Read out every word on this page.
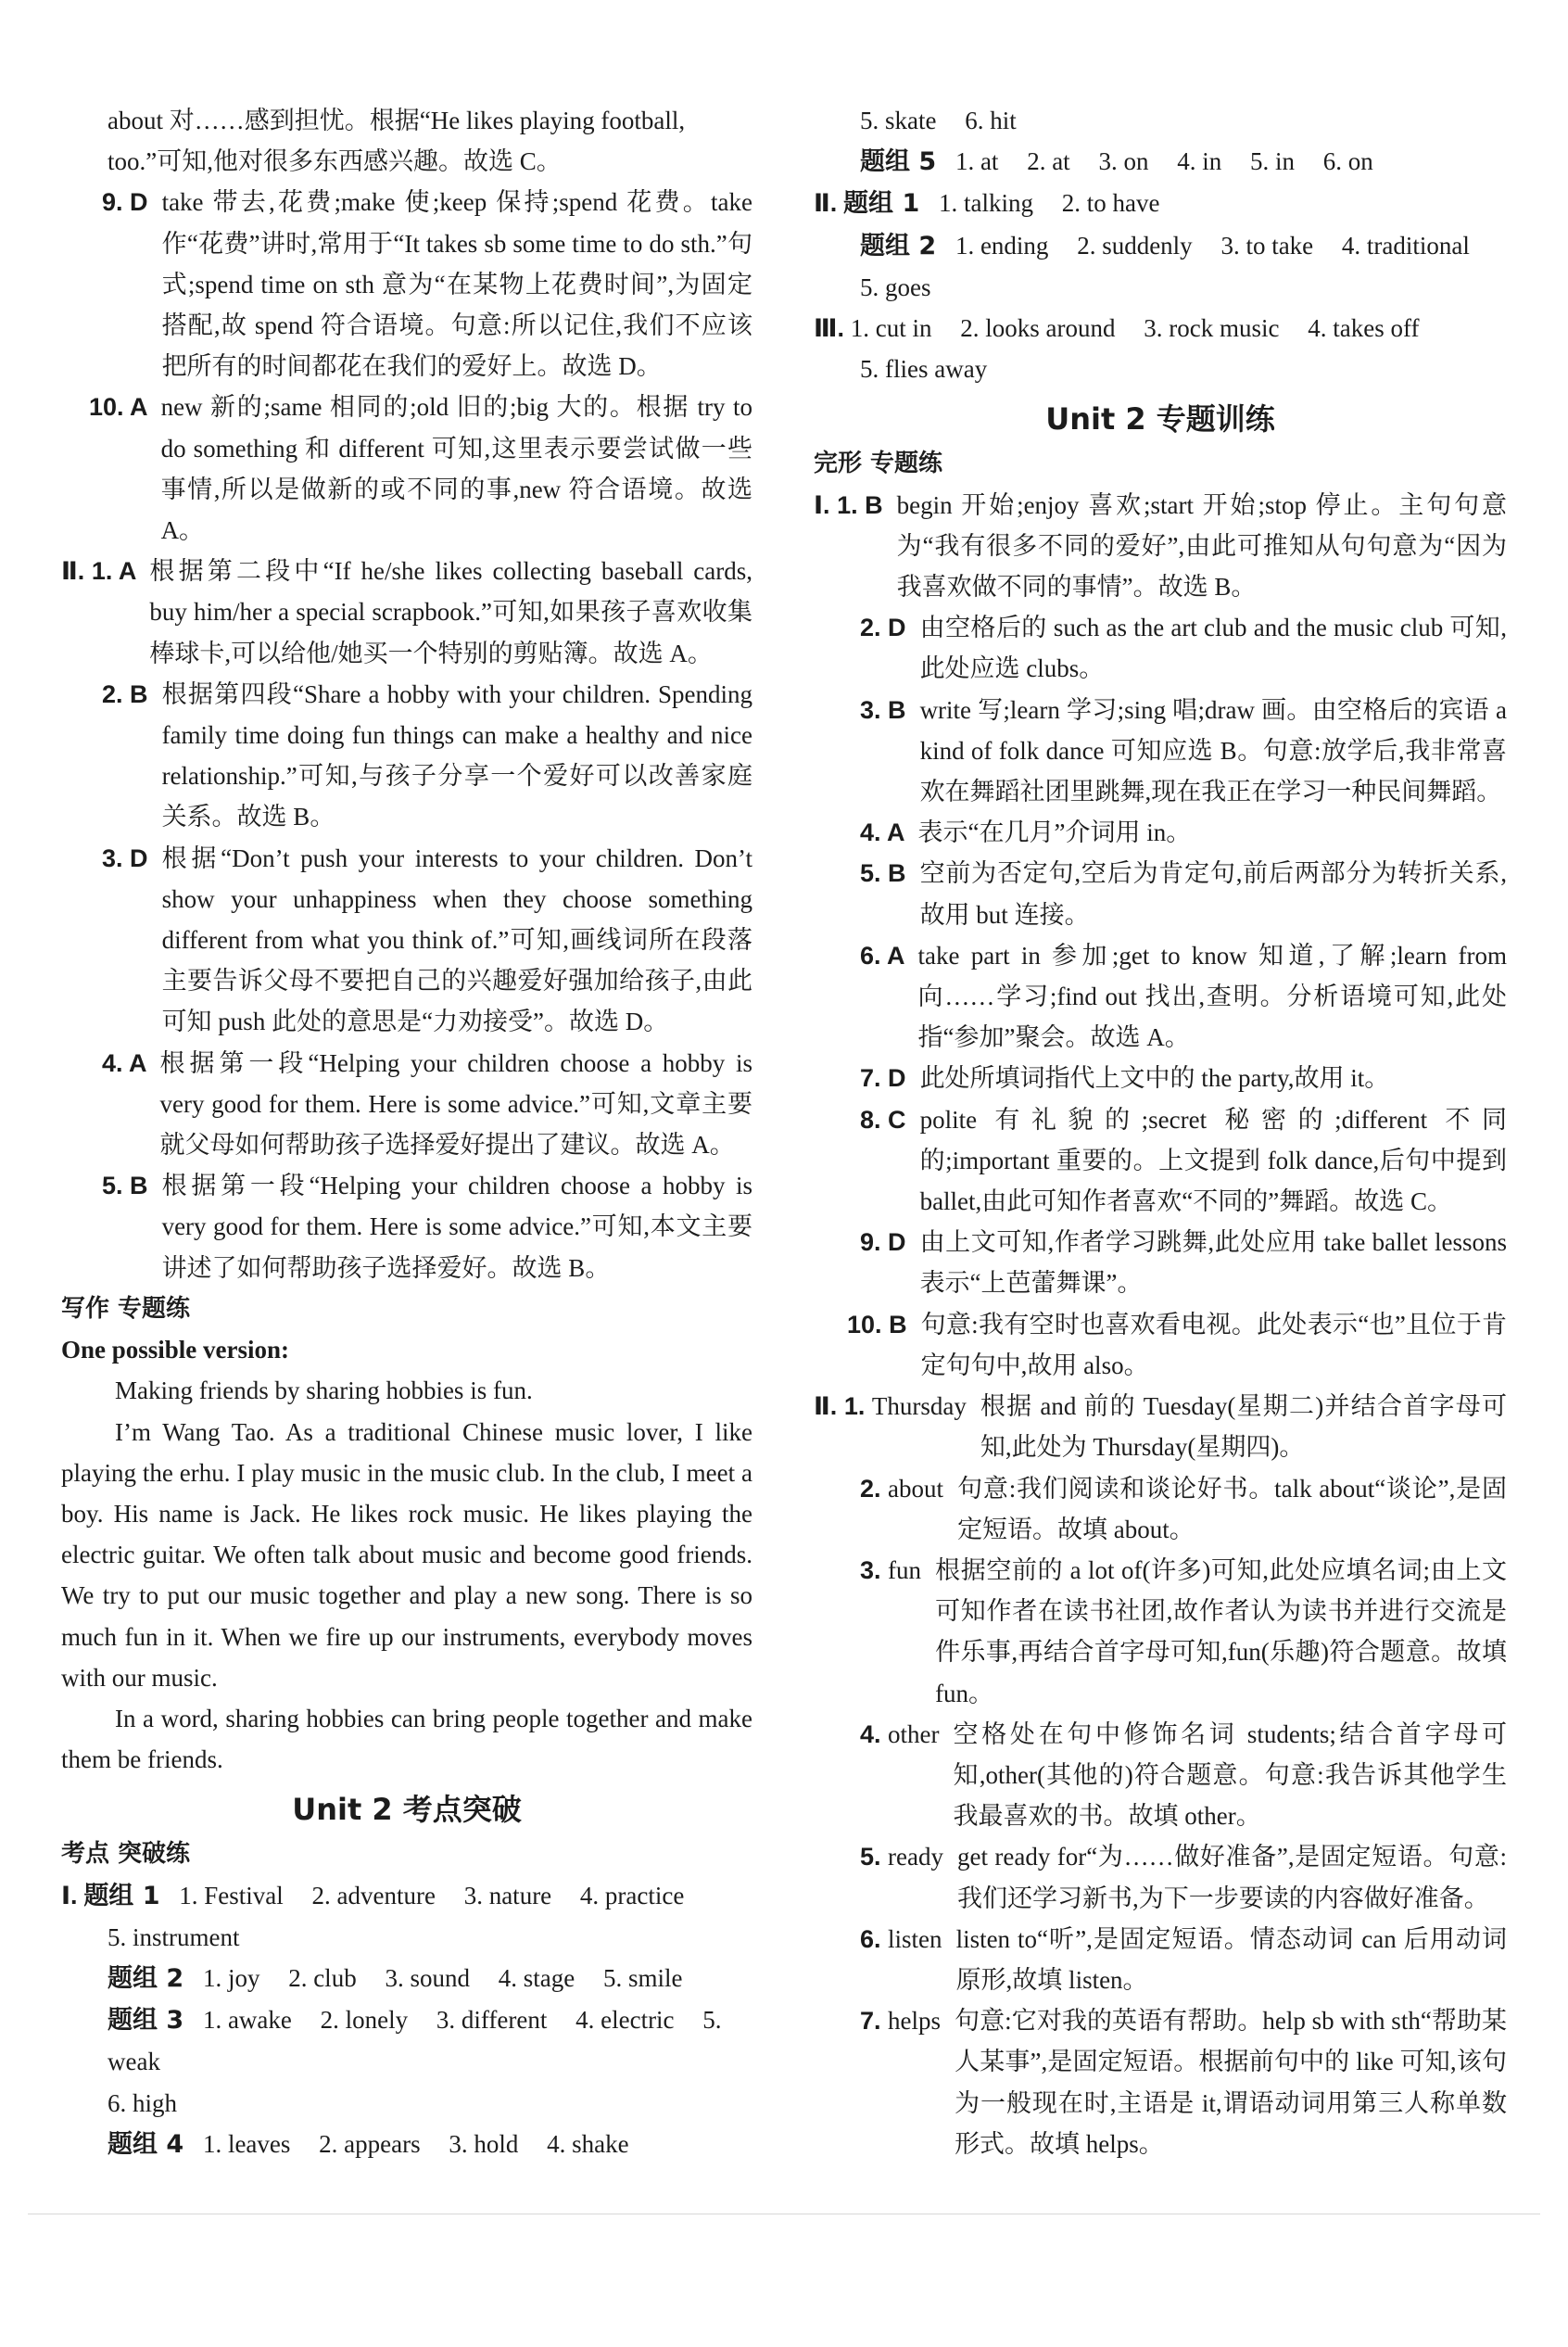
about 对……感到担忧。根据“He likes playing football,
too.”可知,他对很多东西感兴趣。故选 C。
9. D take 带去,花费;make 使;keep 保持;spend 花费。take 作“花费”讲时,常用于“It takes sb some time to do sth.”句式;spend time on sth 意为“在某物上花费时间”,为固定搭配,故 spend 符合语境。句意:所以记住,我们不应该把所有的时间都花在我们的爱好上。故选 D。
10. A new 新的;same 相同的;old 旧的;big 大的。根据 try to do something 和 different 可知,这里表示要尝试做一些事情,所以是做新的或不同的事,new 符合语境。故选 A。
Ⅱ. 1. A 根据第二段中“If he/she likes collecting baseball cards, buy him/her a special scrapbook.”可知,如果孩子喜欢收集棒球卡,可以给他/她买一个特别的剪贴簿。故选 A。
2. B 根据第四段“Share a hobby with your children. Spending family time doing fun things can make a healthy and nice relationship.”可知,与孩子分享一个爱好可以改善家庭关系。故选 B。
3. D 根据“Don’t push your interests to your children. Don’t show your unhappiness when they choose something different from what you think of.”可知,画线词所在段落主要告诉父母不要把自己的兴趣爱好强加给孩子,由此可知 push 此处的意思是“力劝接受”。故选 D。
4. A 根据第一段“Helping your children choose a hobby is very good for them. Here is some advice.”可知,文章主要就父母如何帮助孩子选择爱好提出了建议。故选 A。
5. B 根据第一段“Helping your children choose a hobby is very good for them. Here is some advice.”可知,本文主要讲述了如何帮助孩子选择爱好。故选 B。
写作 专题练
One possible version:

Making friends by sharing hobbies is fun.

I’m Wang Tao. As a traditional Chinese music lover, I like playing the erhu. I play music in the music club. In the club, I meet a boy. His name is Jack. He likes rock music. He likes playing the electric guitar. We often talk about music and become good friends. We try to put our music together and play a new song. There is so much fun in it. When we fire up our instruments, everybody moves with our music.

In a word, sharing hobbies can bring people together and make them be friends.

Unit 2 考点突破
考点 突破练
Ⅰ. 题组 1 1. Festival 2. adventure 3. nature 4. practice
5. instrument
题组 2 1. joy 2. club 3. sound 4. stage 5. smile
题组 3 1. awake 2. lonely 3. different 4. electric 5. weak
6. high
题组 4 1. leaves 2. appears 3. hold 4. shake
5. skate 6. hit
题组 5 1. at 2. at 3. on 4. in 5. in 6. on
Ⅱ. 题组 1 1. talking 2. to have
题组 2 1. ending 2. suddenly 3. to take 4. traditional
5. goes
Ⅲ. 1. cut in 2. looks around 3. rock music 4. takes off
5. flies away
Unit 2 专题训练
完形 专题练
Ⅰ. 1. B begin 开始;enjoy 喜欢;start 开始;stop 停止。主句句意为“我有很多不同的爱好”,由此可推知从句句意为“因为我喜欢做不同的事情”。故选 B。
2. D 由空格后的 such as the art club and the music club 可知,此处应选 clubs。
3. B write 写;learn 学习;sing 唱;draw 画。由空格后的宾语 a kind of folk dance 可知应选 B。句意:放学后,我非常喜欢在舞蹈社团里跳舞,现在我正在学习一种民间舞蹈。
4. A 表示“在几月”介词用 in。
5. B 空前为否定句,空后为肯定句,前后两部分为转折关系,故用 but 连接。
6. A take part in 参加;get to know 知道,了解;learn from 向……学习;find out 找出,查明。分析语境可知,此处指“参加”聚会。故选 A。
7. D 此处所填词指代上文中的 the party,故用 it。
8. C polite 有礼貌的;secret 秘密的;different 不同的;important 重要的。上文提到 folk dance,后句中提到 ballet,由此可知作者喜欢“不同的”舞蹈。故选 C。
9. D 由上文可知,作者学习跳舞,此处应用 take ballet lessons 表示“上芭蕾舞课”。
10. B 句意:我有空时也喜欢看电视。此处表示“也”且位于肯定句句中,故用 also。
Ⅱ. 1. Thursday 根据 and 前的 Tuesday(星期二)并结合首字母可知,此处为 Thursday(星期四)。
2. about 句意:我们阅读和谈论好书。talk about“谈论”,是固定短语。故填 about。
3. fun 根据空前的 a lot of(许多)可知,此处应填名词;由上文可知作者在读书社团,故作者认为读书并进行交流是件乐事,再结合首字母可知,fun(乐趣)符合题意。故填 fun。
4. other 空格处在句中修饰名词 students;结合首字母可知,other(其他的)符合题意。句意:我告诉其他学生我最喜欢的书。故填 other。
5. ready get ready for“为……做好准备”,是固定短语。句意:我们还学习新书,为下一步要读的内容做好准备。
6. listen listen to“听”,是固定短语。情态动词 can 后用动词原形,故填 listen。
7. helps 句意:它对我的英语有帮助。help sb with sth“帮助某人某事”,是固定短语。根据前句中的 like 可知,该句为一般现在时,主语是 it,谓语动词用第三人称单数形式。故填 helps。
